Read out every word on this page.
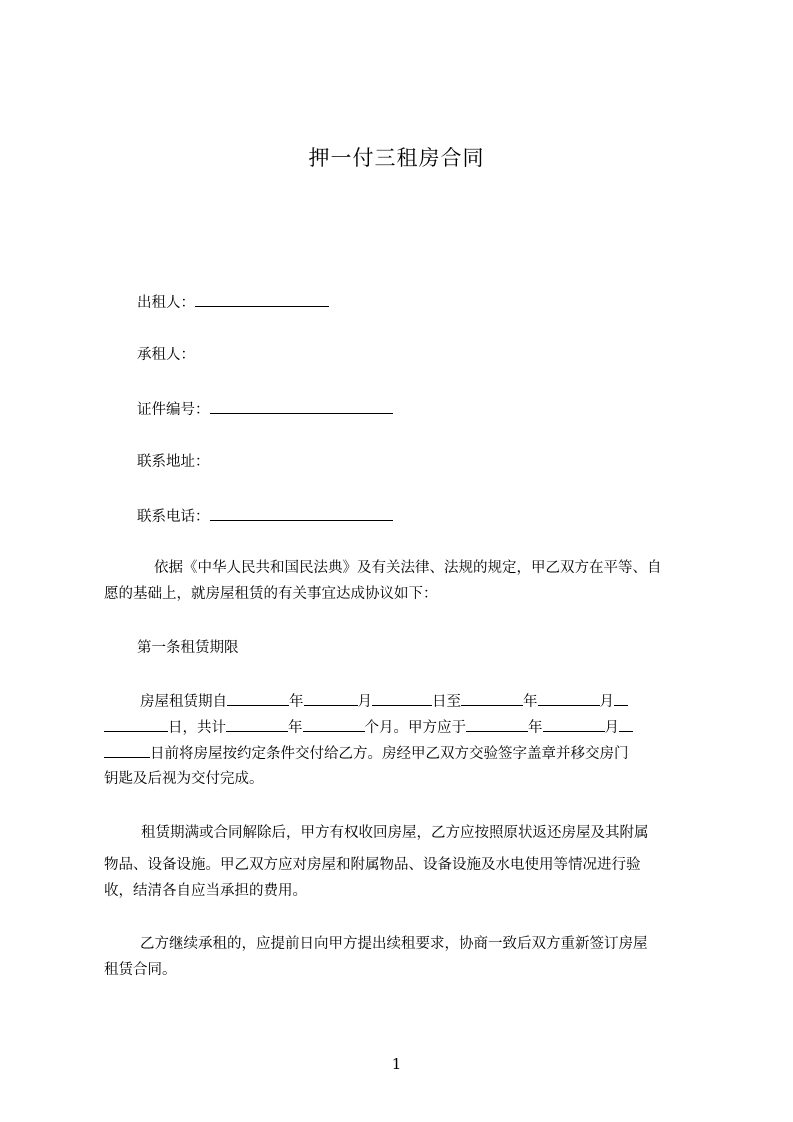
押一付三租房合同
出租人：
承租人：
证件编号：
联系地址：
联系电话：
依据《中华人民共和国民法典》及有关法律、法规的规定，甲乙双方在平等、自
愿的基础上，就房屋租赁的有关事宜达成协议如下：
第一条租赁期限
房屋租赁期自	年	月	日至	年	月
日，共计	年	个月。甲方应于	年	月
日前将房屋按约定条件交付给乙方。房经甲乙双方交验签字盖章并移交房门
钥匙及后视为交付完成。
租赁期满或合同解除后，甲方有权收回房屋，乙方应按照原状返还房屋及其附属
物品、设备设施。甲乙双方应对房屋和附属物品、设备设施及水电使用等情况进行验
收，结清各自应当承担的费用。
乙方继续承租的，应提前日向甲方提出续租要求，协商一致后双方重新签订房屋
租赁合同。
1
